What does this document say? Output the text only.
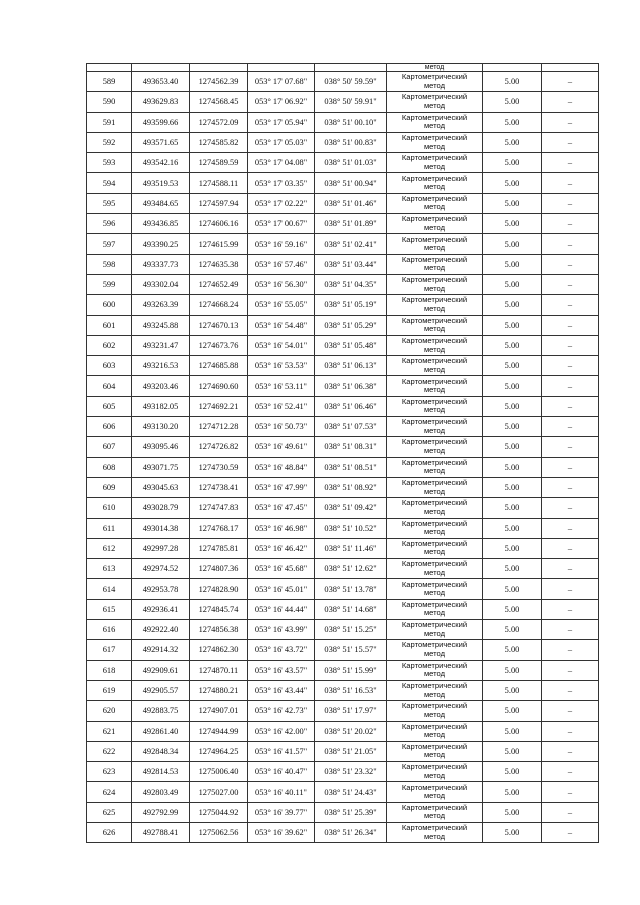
					метод		

589	493653.40	1274562.39	053° 17' 07.68"	038° 50' 59.59"	Картометрический
метод	5.00	–
590	493629.83	1274568.45	053° 17' 06.92"	038° 50' 59.91"	Картометрический
метод	5.00	–
591	493599.66	1274572.09	053° 17' 05.94"	038° 51' 00.10"	Картометрический
метод	5.00	–
592	493571.65	1274585.82	053° 17' 05.03"	038° 51' 00.83"	Картометрический
метод	5.00	–
593	493542.16	1274589.59	053° 17' 04.08"	038° 51' 01.03"	Картометрический
метод	5.00	–
594	493519.53	1274588.11	053° 17' 03.35"	038° 51' 00.94"	Картометрический
метод	5.00	–
595	493484.65	1274597.94	053° 17' 02.22"	038° 51' 01.46"	Картометрический
метод	5.00	–
596	493436.85	1274606.16	053° 17' 00.67"	038° 51' 01.89"	Картометрический
метод	5.00	–
597	493390.25	1274615.99	053° 16' 59.16"	038° 51' 02.41"	Картометрический
метод	5.00	–
598	493337.73	1274635.38	053° 16' 57.46"	038° 51' 03.44"	Картометрический
метод	5.00	–
599	493302.04	1274652.49	053° 16' 56.30"	038° 51' 04.35"	Картометрический
метод	5.00	–
600	493263.39	1274668.24	053° 16' 55.05"	038° 51' 05.19"	Картометрический
метод	5.00	–
601	493245.88	1274670.13	053° 16' 54.48"	038° 51' 05.29"	Картометрический
метод	5.00	–
602	493231.47	1274673.76	053° 16' 54.01"	038° 51' 05.48"	Картометрический
метод	5.00	–
603	493216.53	1274685.88	053° 16' 53.53"	038° 51' 06.13"	Картометрический
метод	5.00	–
604	493203.46	1274690.60	053° 16' 53.11"	038° 51' 06.38"	Картометрический
метод	5.00	–
605	493182.05	1274692.21	053° 16' 52.41"	038° 51' 06.46"	Картометрический
метод	5.00	–
606	493130.20	1274712.28	053° 16' 50.73"	038° 51' 07.53"	Картометрический
метод	5.00	–
607	493095.46	1274726.82	053° 16' 49.61"	038° 51' 08.31"	Картометрический
метод	5.00	–
608	493071.75	1274730.59	053° 16' 48.84"	038° 51' 08.51"	Картометрический
метод	5.00	–
609	493045.63	1274738.41	053° 16' 47.99"	038° 51' 08.92"	Картометрический
метод	5.00	–
610	493028.79	1274747.83	053° 16' 47.45"	038° 51' 09.42"	Картометрический
метод	5.00	–
611	493014.38	1274768.17	053° 16' 46.98"	038° 51' 10.52"	Картометрический
метод	5.00	–
612	492997.28	1274785.81	053° 16' 46.42"	038° 51' 11.46"	Картометрический
метод	5.00	–
613	492974.52	1274807.36	053° 16' 45.68"	038° 51' 12.62"	Картометрический
метод	5.00	–
614	492953.78	1274828.90	053° 16' 45.01"	038° 51' 13.78"	Картометрический
метод	5.00	–
615	492936.41	1274845.74	053° 16' 44.44"	038° 51' 14.68"	Картометрический
метод	5.00	–
616	492922.40	1274856.38	053° 16' 43.99"	038° 51' 15.25"	Картометрический
метод	5.00	–
617	492914.32	1274862.30	053° 16' 43.72"	038° 51' 15.57"	Картометрический
метод	5.00	–
618	492909.61	1274870.11	053° 16' 43.57"	038° 51' 15.99"	Картометрический
метод	5.00	–
619	492905.57	1274880.21	053° 16' 43.44"	038° 51' 16.53"	Картометрический
метод	5.00	–
620	492883.75	1274907.01	053° 16' 42.73"	038° 51' 17.97"	Картометрический
метод	5.00	–
621	492861.40	1274944.99	053° 16' 42.00"	038° 51' 20.02"	Картометрический
метод	5.00	–
622	492848.34	1274964.25	053° 16' 41.57"	038° 51' 21.05"	Картометрический
метод	5.00	–
623	492814.53	1275006.40	053° 16' 40.47"	038° 51' 23.32"	Картометрический
метод	5.00	–
624	492803.49	1275027.00	053° 16' 40.11"	038° 51' 24.43"	Картометрический
метод	5.00	–
625	492792.99	1275044.92	053° 16' 39.77"	038° 51' 25.39"	Картометрический
метод	5.00	–
626	492788.41	1275062.56	053° 16' 39.62"	038° 51' 26.34"	Картометрический
метод	5.00	–
